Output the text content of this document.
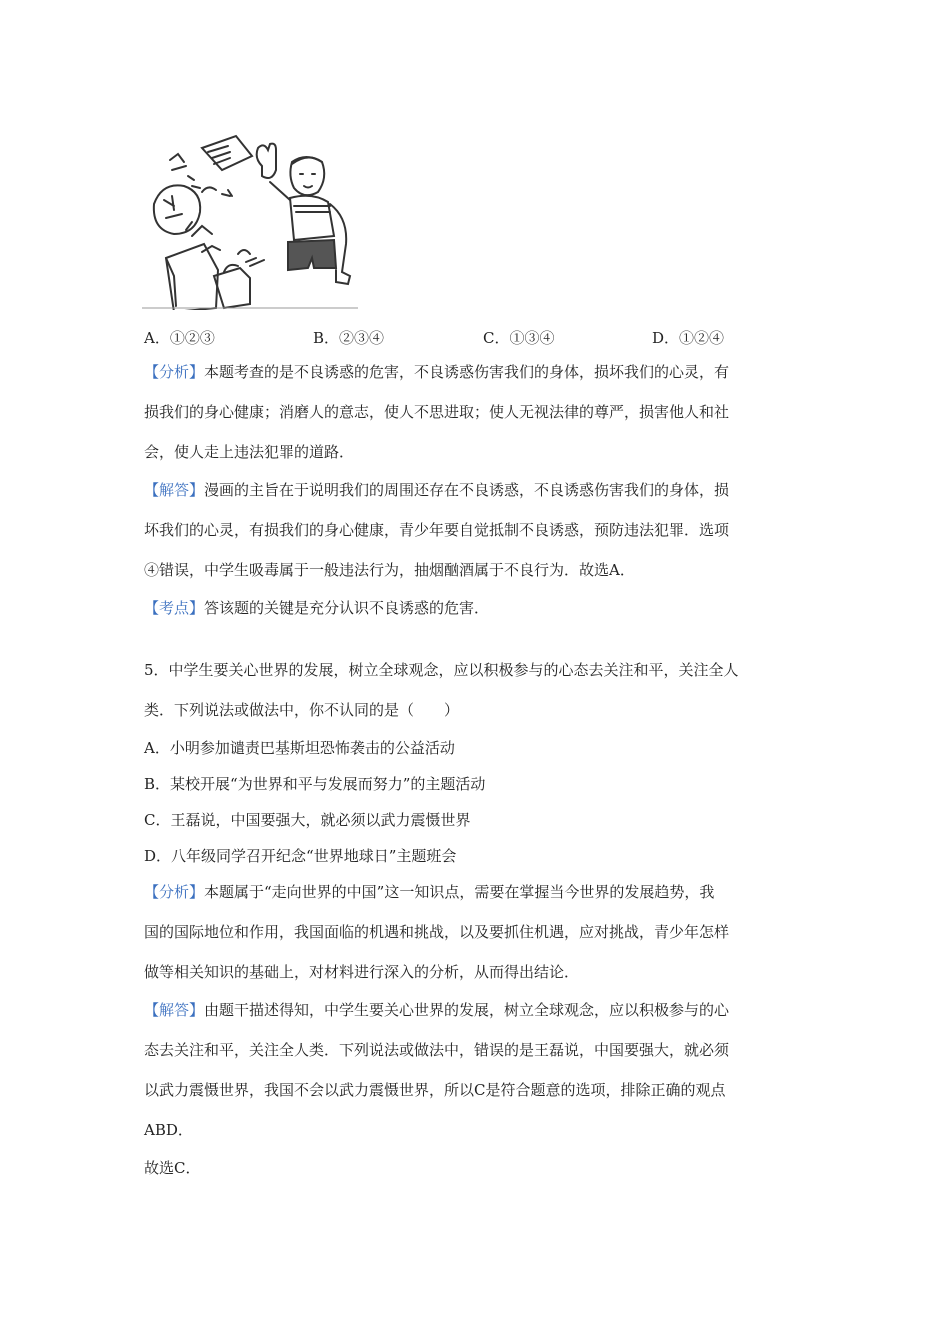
A．①②③	B．②③④	C．①③④	D．①②④
【分析】本题考查的是不良诱惑的危害，不良诱惑伤害我们的身体，损坏我们的心灵，有
损我们的身心健康；消磨人的意志，使人不思进取；使人无视法律的尊严，损害他人和社
会，使人走上违法犯罪的道路．
【解答】漫画的主旨在于说明我们的周围还存在不良诱惑，不良诱惑伤害我们的身体，损
坏我们的心灵，有损我们的身心健康，青少年要自觉抵制不良诱惑，预防违法犯罪．选项
④错误，中学生吸毒属于一般违法行为，抽烟酗酒属于不良行为．故选A．
【考点】答该题的关键是充分认识不良诱惑的危害．
5．中学生要关心世界的发展，树立全球观念，应以积极参与的心态去关注和平，关注全人
类．下列说法或做法中，你不认同的是（　　）
A．小明参加谴责巴基斯坦恐怖袭击的公益活动
B．某校开展“为世界和平与发展而努力”的主题活动
C．王磊说，中国要强大，就必须以武力震慑世界
D．八年级同学召开纪念“世界地球日”主题班会
【分析】本题属于“走向世界的中国”这一知识点，需要在掌握当今世界的发展趋势，我
国的国际地位和作用，我国面临的机遇和挑战，以及要抓住机遇，应对挑战，青少年怎样
做等相关知识的基础上，对材料进行深入的分析，从而得出结论．
【解答】由题干描述得知，中学生要关心世界的发展，树立全球观念，应以积极参与的心
态去关注和平，关注全人类．下列说法或做法中，错误的是王磊说，中国要强大，就必须
以武力震慑世界，我国不会以武力震慑世界，所以C是符合题意的选项，排除正确的观点
ABD．
故选C．
